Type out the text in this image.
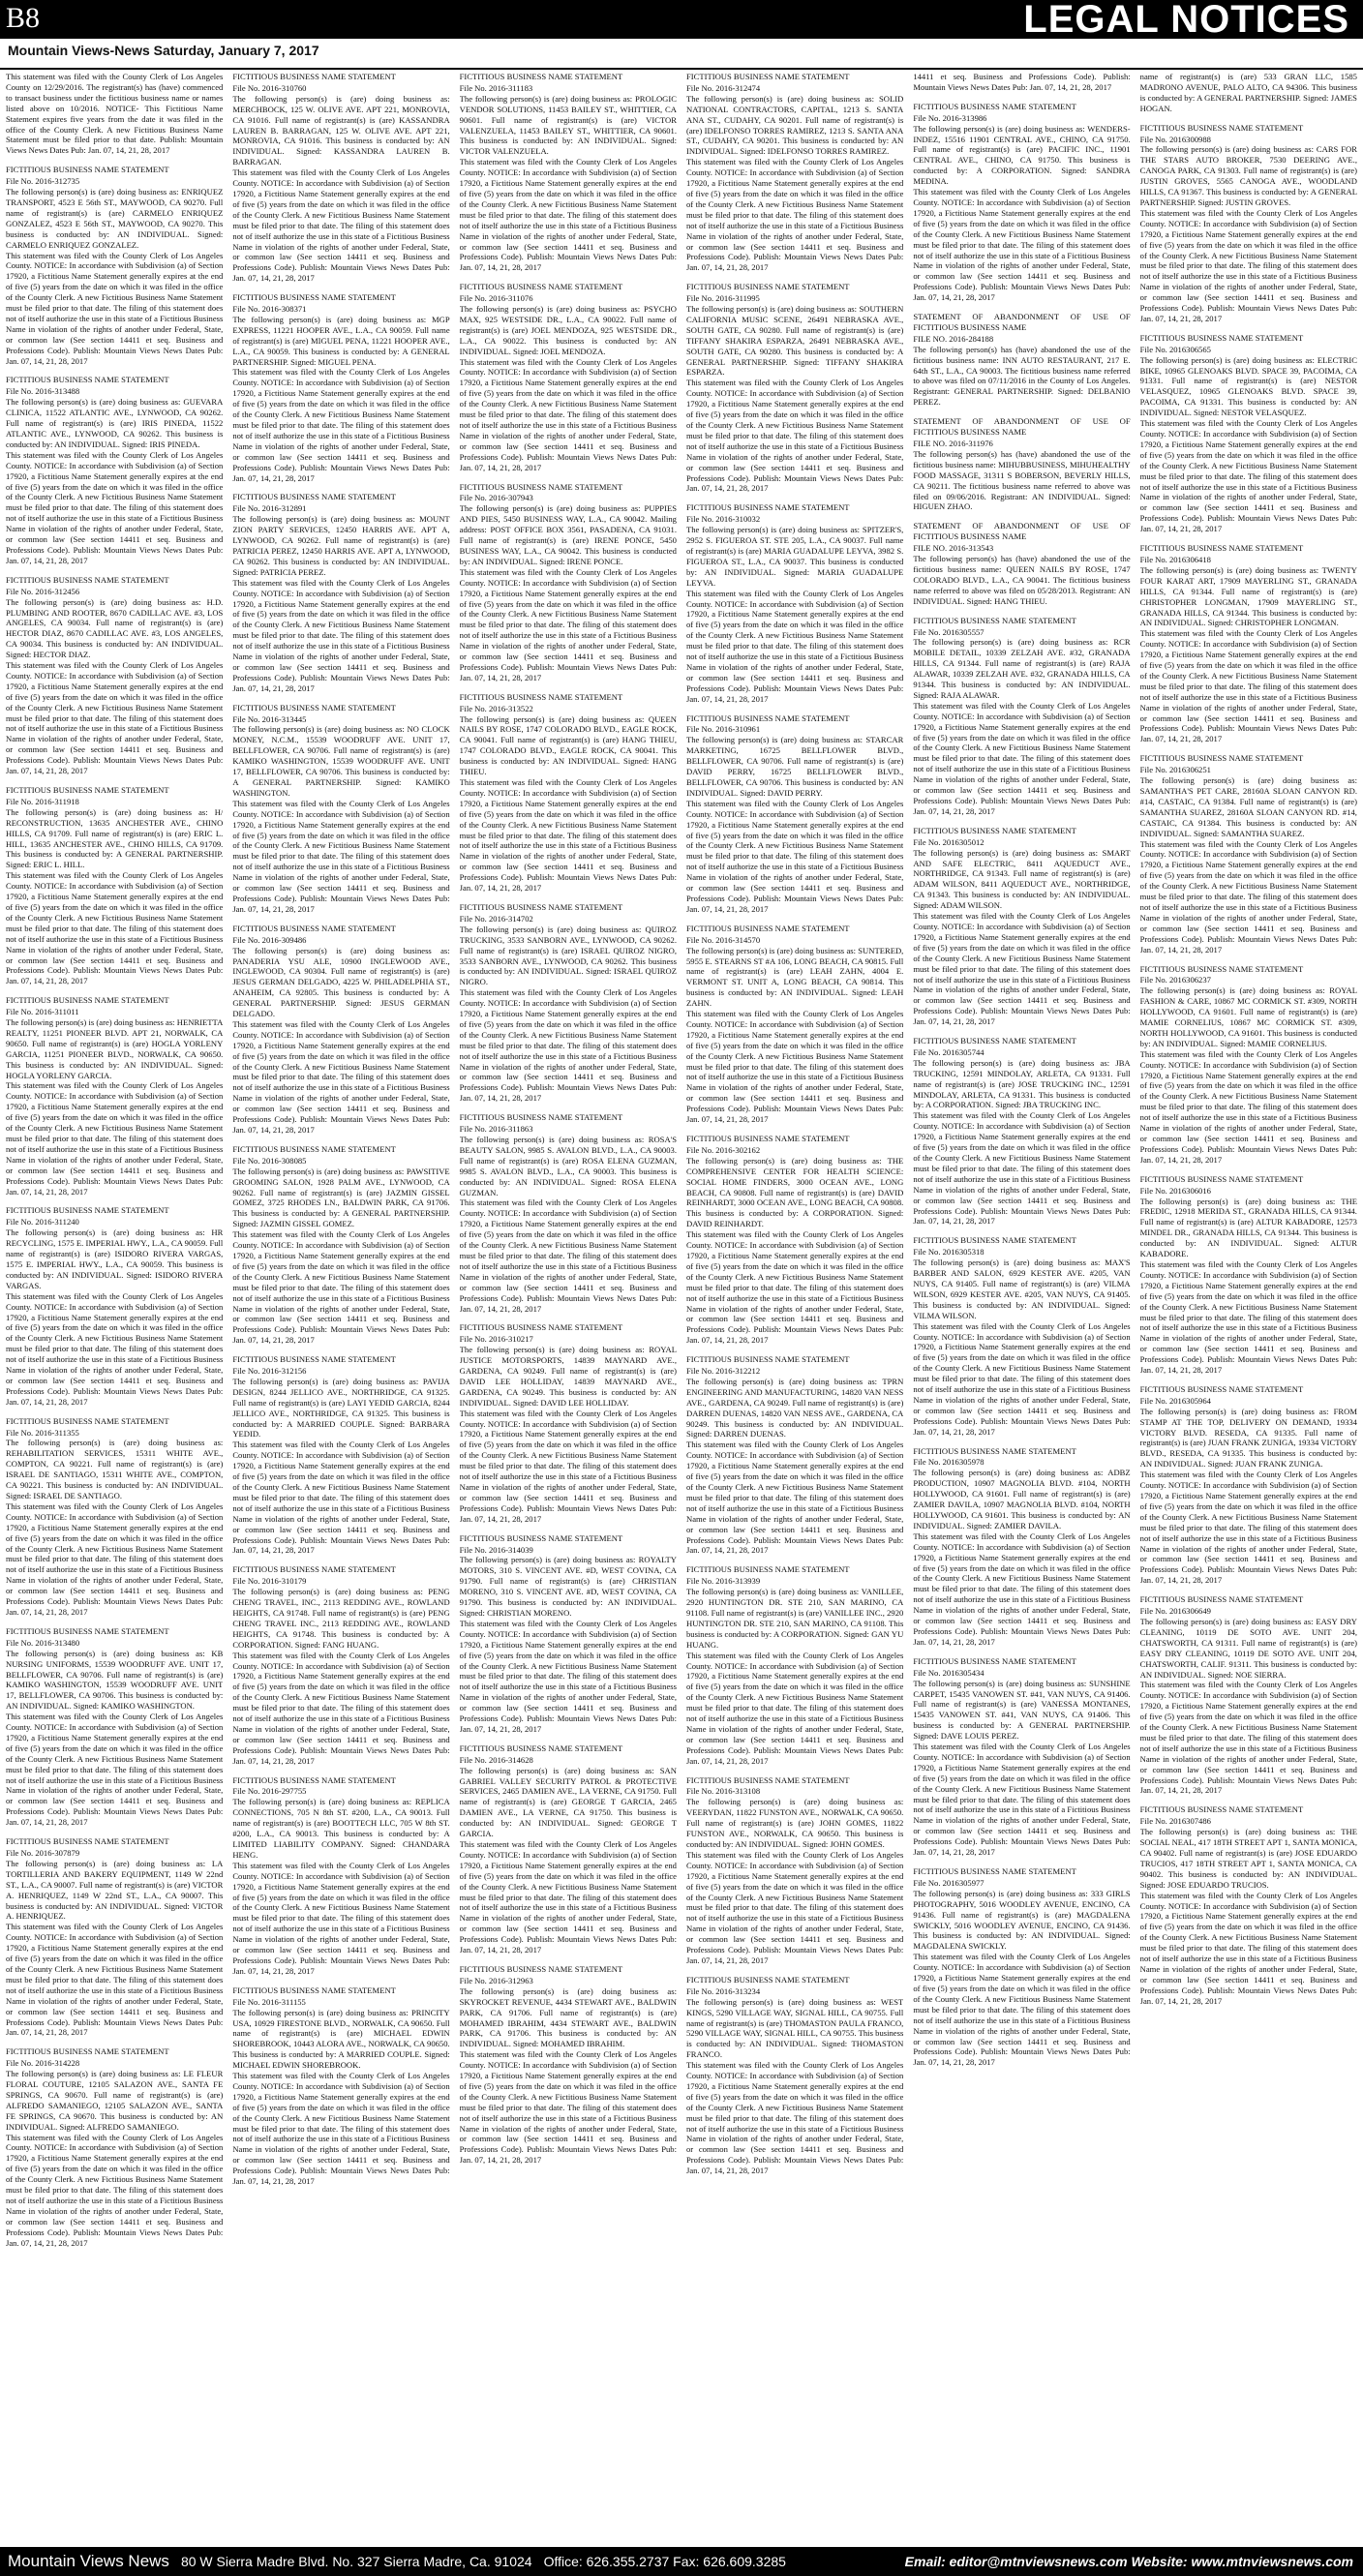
B8	LEGAL NOTICES
Mountain Views-News Saturday, January 7, 2017
This statement was filed with the County Clerk of Los Angeles County on 12/29/2016. The registrant(s) has (have) commenced to transact business under the fictitious business name or names listed above on 10/2016. NOTICE- This Fictitious Name Statement expires five years from the date it was filed in the office of the County Clerk. A new Fictitious Business Name Statement must be filed prior to that date. Publish: Mountain Views News Dates Pub: Jan. 07, 14, 21, 28, 2017
FICTITIOUS BUSINESS NAME STATEMENT
File No. 2016-312735
The following person(s) is (are) doing business as: ENRIQUEZ TRANSPORT, 4523 E 56th ST., MAYWOOD, CA 90270. Full name of registrant(s) is (are) CARMELO ENRIQUEZ GONZALEZ, 4523 E 56th ST., MAYWOOD, CA 90270. This business is conducted by: AN INDIVIDUAL. Signed: CARMELO ENRIQUEZ GONZALEZ.
This statement was filed with the County Clerk of Los Angeles County. NOTICE: In accordance with Subdivision (a) of Section 17920, a Fictitious Name Statement generally expires at the end of five (5) years from the date on which it was filed in the office of the County Clerk. A new Fictitious Business Name Statement must be filed prior to that date. The filing of this statement does not of itself authorize the use in this state of a Fictitious Business Name in violation of the rights of another under Federal, State, or common law (See section 14411 et seq. Business and Professions Code). Publish: Mountain Views News Dates Pub: Jan. 07, 14, 21, 28, 2017
FICTITIOUS BUSINESS NAME STATEMENT
File No. 2016-313488
The following person(s) is (are) doing business as: GUEVARA CLINICA, 11522 ATLANTIC AVE., LYNWOOD, CA 90262. Full name of registrant(s) is (are) IRIS PINEDA, 11522 ATLANTIC AVE., LYNWOOD, CA 90262. This business is conducted by: AN INDIVIDUAL. Signed: IRIS PINEDA.
This statement was filed with the County Clerk of Los Angeles County. NOTICE: In accordance with Subdivision (a) of Section 17920, a Fictitious Name Statement generally expires at the end of five (5) years from the date on which it was filed in the office of the County Clerk. A new Fictitious Business Name Statement must be filed prior to that date. The filing of this statement does not of itself authorize the use in this state of a Fictitious Business Name in violation of the rights of another under Federal, State, or common law (See section 14411 et seq. Business and Professions Code). Publish: Mountain Views News Dates Pub: Jan. 07, 14, 21, 28, 2017
FICTITIOUS BUSINESS NAME STATEMENT
File No. 2016-312456
The following person(s) is (are) doing business as: H.D. PLUMBING AND ROOTER, 8670 CADILLAC AVE. #3, LOS ANGELES, CA 90034. Full name of registrant(s) is (are) HECTOR DIAZ, 8670 CADILLAC AVE. #3, LOS ANGELES, CA 90034. This business is conducted by: AN INDIVIDUAL. Signed: HECTOR DIAZ.
This statement was filed with the County Clerk of Los Angeles County. NOTICE: In accordance with Subdivision (a) of Section 17920, a Fictitious Name Statement generally expires at the end of five (5) years from the date on which it was filed in the office of the County Clerk. A new Fictitious Business Name Statement must be filed prior to that date. The filing of this statement does not of itself authorize the use in this state of a Fictitious Business Name in violation of the rights of another under Federal, State, or common law (See section 14411 et seq. Business and Professions Code). Publish: Mountain Views News Dates Pub: Jan. 07, 14, 21, 28, 2017
FICTITIOUS BUSINESS NAME STATEMENT
File No. 2016-311918
The following person(s) is (are) doing business as: H/ RECONSTRUCTION, 13635 ANCHESTER AVE., CHINO HILLS, CA 91709. Full name of registrant(s) is (are) ERIC L. HILL, 13635 ANCHESTER AVE., CHINO HILLS, CA 91709. This business is conducted by: A GENERAL PARTNERSHIP. Signed: ERIC L. HILL.
This statement was filed with the County Clerk of Los Angeles County. NOTICE: In accordance with Subdivision (a) of Section 17920, a Fictitious Name Statement generally expires at the end of five (5) years from the date on which it was filed in the office of the County Clerk. A new Fictitious Business Name Statement must be filed prior to that date. The filing of this statement does not of itself authorize the use in this state of a Fictitious Business Name in violation of the rights of another under Federal, State, or common law (See section 14411 et seq. Business and Professions Code). Publish: Mountain Views News Dates Pub: Jan. 07, 14, 21, 28, 2017
FICTITIOUS BUSINESS NAME STATEMENT
File No. 2016-311011
The following person(s) is (are) doing business as: HENRIETTA REALTY, 11251 PIONEER BLVD. APT 21, NORWALK, CA 90650. Full name of registrant(s) is (are) HOGLA YORLENY GARCIA, 11251 PIONEER BLVD., NORWALK, CA 90650. This business is conducted by: AN INDIVIDUAL. Signed: HOGLA YORLENY GARCIA.
This statement was filed with the County Clerk of Los Angeles County. NOTICE: In accordance with Subdivision (a) of Section 17920, a Fictitious Name Statement generally expires at the end of five (5) years from the date on which it was filed in the office of the County Clerk. A new Fictitious Business Name Statement must be filed prior to that date. The filing of this statement does not of itself authorize the use in this state of a Fictitious Business Name in violation of the rights of another under Federal, State, or common law (See section 14411 et seq. Business and Professions Code). Publish: Mountain Views News Dates Pub: Jan. 07, 14, 21, 28, 2017
FICTITIOUS BUSINESS NAME STATEMENT
File No. 2016-311240
The following person(s) is (are) doing business as: HR RECYCLING, 1575 E. IMPERIAL HWY., L.A., CA 90059. Full name of registrant(s) is (are) ISIDORO RIVERA VARGAS, 1575 E. IMPERIAL HWY., L.A., CA 90059. This business is conducted by: AN INDIVIDUAL. Signed: ISIDORO RIVERA VARGAS.
This statement was filed with the County Clerk of Los Angeles County. NOTICE: In accordance with Subdivision (a) of Section 17920, a Fictitious Name Statement generally expires at the end of five (5) years from the date on which it was filed in the office of the County Clerk. A new Fictitious Business Name Statement must be filed prior to that date. The filing of this statement does not of itself authorize the use in this state of a Fictitious Business Name in violation of the rights of another under Federal, State, or common law (See section 14411 et seq. Business and Professions Code). Publish: Mountain Views News Dates Pub: Jan. 07, 14, 21, 28, 2017
FICTITIOUS BUSINESS NAME STATEMENT
File No. 2016-311355
The following person(s) is (are) doing business as: REHABILITATION SERVICES, 15311 WHITE AVE., COMPTON, CA 90221. Full name of registrant(s) is (are) ISRAEL DE SANTIAGO, 15311 WHITE AVE., COMPTON, CA 90221. This business is conducted by: AN INDIVIDUAL. Signed: ISRAEL DE SANTIAGO.
This statement was filed with the County Clerk of Los Angeles County. NOTICE: In accordance with Subdivision (a) of Section 17920, a Fictitious Name Statement generally expires at the end of five (5) years from the date on which it was filed in the office of the County Clerk. A new Fictitious Business Name Statement must be filed prior to that date. The filing of this statement does not of itself authorize the use in this state of a Fictitious Business Name in violation of the rights of another under Federal, State, or common law (See section 14411 et seq. Business and Professions Code). Publish: Mountain Views News Dates Pub: Jan. 07, 14, 21, 28, 2017
FICTITIOUS BUSINESS NAME STATEMENT
File No. 2016-313480
The following person(s) is (are) doing business as: KB NURSING UNIFORMS, 15539 WOODRUFF AVE. UNIT 17, BELLFLOWER, CA 90706. Full name of registrant(s) is (are) KAMIKO WASHINGTON, 15539 WOODRUFF AVE. UNIT 17, BELLFLOWER, CA 90706. This business is conducted by: AN INDIVIDUAL. Signed: KAMIKO WASHINGTON.
This statement was filed with the County Clerk of Los Angeles County. NOTICE: In accordance with Subdivision (a) of Section 17920, a Fictitious Name Statement generally expires at the end of five (5) years from the date on which it was filed in the office of the County Clerk. A new Fictitious Business Name Statement must be filed prior to that date. The filing of this statement does not of itself authorize the use in this state of a Fictitious Business Name in violation of the rights of another under Federal, State, or common law (See section 14411 et seq. Business and Professions Code). Publish: Mountain Views News Dates Pub: Jan. 07, 14, 21, 28, 2017
FICTITIOUS BUSINESS NAME STATEMENT
File No. 2016-307879
The following person(s) is (are) doing business as: LA TORTILLERIA AND BAKERY EQUIPMENT, 1149 W 22nd ST., L.A., CA 90007. Full name of registrant(s) is (are) VICTOR A. HENRIQUEZ, 1149 W 22nd ST., L.A., CA 90007. This business is conducted by: AN INDIVIDUAL. Signed: VICTOR A. HENRIQUEZ.
This statement was filed with the County Clerk of Los Angeles County. NOTICE: In accordance with Subdivision (a) of Section 17920, a Fictitious Name Statement generally expires at the end of five (5) years from the date on which it was filed in the office of the County Clerk. A new Fictitious Business Name Statement must be filed prior to that date. The filing of this statement does not of itself authorize the use in this state of a Fictitious Business Name in violation of the rights of another under Federal, State, or common law (See section 14411 et seq. Business and Professions Code). Publish: Mountain Views News Dates Pub: Jan. 07, 14, 21, 28, 2017
FICTITIOUS BUSINESS NAME STATEMENT
File No. 2016-314228
The following person(s) is (are) doing business as: LE FLEUR FLORAL COUTURE, 12105 SALAZON AVE., SANTA FE SPRINGS, CA 90670. Full name of registrant(s) is (are) ALFREDO SAMANIEGO, 12105 SALAZON AVE., SANTA FE SPRINGS, CA 90670. This business is conducted by: AN INDIVIDUAL. Signed: ALFREDO SAMANIEGO.
This statement was filed with the County Clerk of Los Angeles County. NOTICE: In accordance with Subdivision (a) of Section 17920, a Fictitious Name Statement generally expires at the end of five (5) years from the date on which it was filed in the office of the County Clerk. A new Fictitious Business Name Statement must be filed prior to that date. The filing of this statement does not of itself authorize the use in this state of a Fictitious Business Name in violation of the rights of another under Federal, State, or common law (See section 14411 et seq. Business and Professions Code). Publish: Mountain Views News Dates Pub: Jan. 07, 14, 21, 28, 2017
FICTITIOUS BUSINESS NAME STATEMENT
File No. 2016-310760
The following person(s) is (are) doing business as: MERCHBOCK, 125 W. OLIVE AVE. APT 221, MONROVIA, CA 91016. Full name of registrant(s) is (are) KASSANDRA LAUREN B. BARRAGAN, 125 W. OLIVE AVE. APT 221, MONROVIA, CA 91016. This business is conducted by: AN INDIVIDUAL. Signed: KASSANDRA LAUREN B. BARRAGAN.
This statement was filed with the County Clerk of Los Angeles County. NOTICE: In accordance with Subdivision (a) of Section 17920, a Fictitious Name Statement generally expires at the end of five (5) years from the date on which it was filed in the office of the County Clerk. A new Fictitious Business Name Statement must be filed prior to that date. The filing of this statement does not of itself authorize the use in this state of a Fictitious Business Name in violation of the rights of another under Federal, State, or common law (See section 14411 et seq. Business and Professions Code). Publish: Mountain Views News Dates Pub: Jan. 07, 14, 21, 28, 2017
FICTITIOUS BUSINESS NAME STATEMENT
File No. 2016-308371
The following person(s) is (are) doing business as: MGP EXPRESS, 11221 HOOPER AVE., L.A., CA 90059. Full name of registrant(s) is (are) MIGUEL PENA, 11221 HOOPER AVE., L.A., CA 90059. This business is conducted by: A GENERAL PARTNERSHIP. Signed: MIGUEL PENA.
This statement was filed with the County Clerk of Los Angeles County. NOTICE: In accordance with Subdivision (a) of Section 17920, a Fictitious Name Statement generally expires at the end of five (5) years from the date on which it was filed in the office of the County Clerk. A new Fictitious Business Name Statement must be filed prior to that date. The filing of this statement does not of itself authorize the use in this state of a Fictitious Business Name in violation of the rights of another under Federal, State, or common law (See section 14411 et seq. Business and Professions Code). Publish: Mountain Views News Dates Pub: Jan. 07, 14, 21, 28, 2017
FICTITIOUS BUSINESS NAME STATEMENT
File No. 2016-312891
The following person(s) is (are) doing business as: MOUNT ZION PARTY SERVICES, 12450 HARRIS AVE. APT A, LYNWOOD, CA 90262. Full name of registrant(s) is (are) PATRICIA PEREZ, 12450 HARRIS AVE. APT A, LYNWOOD, CA 90262. This business is conducted by: AN INDIVIDUAL. Signed: PATRICIA PEREZ.
This statement was filed with the County Clerk of Los Angeles County. NOTICE: In accordance with Subdivision (a) of Section 17920, a Fictitious Name Statement generally expires at the end of five (5) years from the date on which it was filed in the office of the County Clerk. A new Fictitious Business Name Statement must be filed prior to that date. The filing of this statement does not of itself authorize the use in this state of a Fictitious Business Name in violation of the rights of another under Federal, State, or common law (See section 14411 et seq. Business and Professions Code). Publish: Mountain Views News Dates Pub: Jan. 07, 14, 21, 28, 2017
FICTITIOUS BUSINESS NAME STATEMENT
File No. 2016-313445
The following person(s) is (are) doing business as: NO CLOCK MONEY, N.C.M., 15539 WOODRUFF AVE. UNIT 17, BELLFLOWER, CA 90706. Full name of registrant(s) is (are) KAMIKO WASHINGTON, 15539 WOODRUFF AVE. UNIT 17, BELLFLOWER, CA 90706. This business is conducted by: A GENERAL PARTNERSHIP. Signed: KAMIKO WASHINGTON.
This statement was filed with the County Clerk of Los Angeles County. NOTICE: In accordance with Subdivision (a) of Section 17920, a Fictitious Name Statement generally expires at the end of five (5) years from the date on which it was filed in the office of the County Clerk. A new Fictitious Business Name Statement must be filed prior to that date. The filing of this statement does not of itself authorize the use in this state of a Fictitious Business Name in violation of the rights of another under Federal, State, or common law (See section 14411 et seq. Business and Professions Code). Publish: Mountain Views News Dates Pub: Jan. 07, 14, 21, 28, 2017
FICTITIOUS BUSINESS NAME STATEMENT
File No. 2016-309486
The following person(s) is (are) doing business as: PANADERIA YSU ALE, 10900 INGLEWOOD AVE., INGLEWOOD, CA 90304. Full name of registrant(s) is (are) JESUS GERMAN DELGADO, 4225 W. PHILADELPHIA ST., ANAHEIM, CA 92805. This business is conducted by: A GENERAL PARTNERSHIP. Signed: JESUS GERMAN DELGADO.
This statement was filed with the County Clerk of Los Angeles County. NOTICE: In accordance with Subdivision (a) of Section 17920, a Fictitious Name Statement generally expires at the end of five (5) years from the date on which it was filed in the office of the County Clerk. A new Fictitious Business Name Statement must be filed prior to that date. The filing of this statement does not of itself authorize the use in this state of a Fictitious Business Name in violation of the rights of another under Federal, State, or common law (See section 14411 et seq. Business and Professions Code). Publish: Mountain Views News Dates Pub: Jan. 07, 14, 21, 28, 2017
FICTITIOUS BUSINESS NAME STATEMENT
File No. 2016-308085
The following person(s) is (are) doing business as: PAWSITIVE GROOMING SALON, 1928 PALM AVE., LYNWOOD, CA 90262. Full name of registrant(s) is (are) JAZMIN GISSEL GOMEZ, 3725 RHODES LN., BALDWIN PARK, CA 91706. This business is conducted by: A GENERAL PARTNERSHIP. Signed: JAZMIN GISSEL GOMEZ.
This statement was filed with the County Clerk of Los Angeles County. NOTICE: In accordance with Subdivision (a) of Section 17920, a Fictitious Name Statement generally expires at the end of five (5) years from the date on which it was filed in the office of the County Clerk. A new Fictitious Business Name Statement must be filed prior to that date. The filing of this statement does not of itself authorize the use in this state of a Fictitious Business Name in violation of the rights of another under Federal, State, or common law (See section 14411 et seq. Business and Professions Code). Publish: Mountain Views News Dates Pub: Jan. 07, 14, 21, 28, 2017
FICTITIOUS BUSINESS NAME STATEMENT
File No. 2016-312156
The following person(s) is (are) doing business as: PAVIJA DESIGN, 8244 JELLICO AVE., NORTHRIDGE, CA 91325. Full name of registrant(s) is (are) LAYI YEDID GARCIA, 8244 JELLICO AVE., NORTHRIDGE, CA 91325. This business is conducted by: A MARRIED COUPLE. Signed: BARBARA YEDID.
This statement was filed with the County Clerk of Los Angeles County. NOTICE: In accordance with Subdivision (a) of Section 17920, a Fictitious Name Statement generally expires at the end of five (5) years from the date on which it was filed in the office of the County Clerk. A new Fictitious Business Name Statement must be filed prior to that date. The filing of this statement does not of itself authorize the use in this state of a Fictitious Business Name in violation of the rights of another under Federal, State, or common law (See section 14411 et seq. Business and Professions Code). Publish: Mountain Views News Dates Pub: Jan. 07, 14, 21, 28, 2017
FICTITIOUS BUSINESS NAME STATEMENT
File No. 2016-310179
The following person(s) is (are) doing business as: PENG CHENG TRAVEL, INC., 2113 REDDING AVE., ROWLAND HEIGHTS, CA 91748. Full name of registrant(s) is (are) PENG CHENG TRAVEL INC., 2113 REDDING AVE., ROWLAND HEIGHTS, CA 91748. This business is conducted by: A CORPORATION. Signed: FANG HUANG.
This statement was filed with the County Clerk of Los Angeles County. NOTICE: In accordance with Subdivision (a) of Section 17920, a Fictitious Name Statement generally expires at the end of five (5) years from the date on which it was filed in the office of the County Clerk. A new Fictitious Business Name Statement must be filed prior to that date. The filing of this statement does not of itself authorize the use in this state of a Fictitious Business Name in violation of the rights of another under Federal, State, or common law (See section 14411 et seq. Business and Professions Code). Publish: Mountain Views News Dates Pub: Jan. 07, 14, 21, 28, 2017
FICTITIOUS BUSINESS NAME STATEMENT
File No. 2016-297755
The following person(s) is (are) doing business as: REPLICA CONNECTIONS, 705 N 8th ST. #200, L.A., CA 90013. Full name of registrant(s) is (are) BOOTTECH LLC, 705 W 8th ST. #200, L.A., CA 90013. This business is conducted by: A LIMITED LIABILITY COMPANY. Signed: CHANDARA HENG.
This statement was filed with the County Clerk of Los Angeles County. NOTICE: In accordance with Subdivision (a) of Section 17920, a Fictitious Name Statement generally expires at the end of five (5) years from the date on which it was filed in the office of the County Clerk. A new Fictitious Business Name Statement must be filed prior to that date. The filing of this statement does not of itself authorize the use in this state of a Fictitious Business Name in violation of the rights of another under Federal, State, or common law (See section 14411 et seq. Business and Professions Code). Publish: Mountain Views News Dates Pub: Jan. 07, 14, 21, 28, 2017
FICTITIOUS BUSINESS NAME STATEMENT
File No. 2016-311155
The following person(s) is (are) doing business as: PRINCITY USA, 10929 FIRESTONE BLVD., NORWALK, CA 90650. Full name of registrant(s) is (are) MICHAEL EDWIN SHOREBROOK, 10443 ALORA AVE., NORWALK, CA 90650. This business is conducted by: A MARRIED COUPLE. Signed: MICHAEL EDWIN SHOREBROOK.
This statement was filed with the County Clerk of Los Angeles County. NOTICE: In accordance with Subdivision (a) of Section 17920, a Fictitious Name Statement generally expires at the end of five (5) years from the date on which it was filed in the office of the County Clerk. A new Fictitious Business Name Statement must be filed prior to that date. The filing of this statement does not of itself authorize the use in this state of a Fictitious Business Name in violation of the rights of another under Federal, State, or common law (See section 14411 et seq. Business and Professions Code). Publish: Mountain Views News Dates Pub: Jan. 07, 14, 21, 28, 2017
FICTITIOUS BUSINESS NAME STATEMENT
File No. 2016-311183
The following person(s) is (are) doing business as: PROLOGIC VENDOR SOLUTIONS, 11453 BAILEY ST., WHITTIER, CA 90601. Full name of registrant(s) is (are) VICTOR VALENZUELA, 11453 BAILEY ST., WHITTIER, CA 90601. This business is conducted by: AN INDIVIDUAL. Signed: VICTOR VALENZUELA.
This statement was filed with the County Clerk of Los Angeles County. NOTICE: In accordance with Subdivision (a) of Section 17920, a Fictitious Name Statement generally expires at the end of five (5) years from the date on which it was filed in the office of the County Clerk. A new Fictitious Business Name Statement must be filed prior to that date. The filing of this statement does not of itself authorize the use in this state of a Fictitious Business Name in violation of the rights of another under Federal, State, or common law (See section 14411 et seq. Business and Professions Code). Publish: Mountain Views News Dates Pub: Jan. 07, 14, 21, 28, 2017
FICTITIOUS BUSINESS NAME STATEMENT
File No. 2016-311076
The following person(s) is (are) doing business as: PSYCHO MAX, 925 WESTSIDE DR., L.A., CA 90022. Full name of registrant(s) is (are) JOEL MENDOZA, 925 WESTSIDE DR., L.A., CA 90022. This business is conducted by: AN INDIVIDUAL. Signed: JOEL MENDOZA.
This statement was filed with the County Clerk of Los Angeles County. NOTICE: In accordance with Subdivision (a) of Section 17920, a Fictitious Name Statement generally expires at the end of five (5) years from the date on which it was filed in the office of the County Clerk. A new Fictitious Business Name Statement must be filed prior to that date. The filing of this statement does not of itself authorize the use in this state of a Fictitious Business Name in violation of the rights of another under Federal, State, or common law (See section 14411 et seq. Business and Professions Code). Publish: Mountain Views News Dates Pub: Jan. 07, 14, 21, 28, 2017
FICTITIOUS BUSINESS NAME STATEMENT
File No. 2016-307943
The following person(s) is (are) doing business as: PUPPIES AND PIES, 5450 BUSINESS WAY, L.A., CA 90042. Mailing address: POST OFFICE BOX 3561, PASADENA, CA 91031. Full name of registrant(s) is (are) IRENE PONCE, 5450 BUSINESS WAY, L.A., CA 90042. This business is conducted by: AN INDIVIDUAL. Signed: IRENE PONCE.
This statement was filed with the County Clerk of Los Angeles County. NOTICE: In accordance with Subdivision (a) of Section 17920, a Fictitious Name Statement generally expires at the end of five (5) years from the date on which it was filed in the office of the County Clerk. A new Fictitious Business Name Statement must be filed prior to that date. The filing of this statement does not of itself authorize the use in this state of a Fictitious Business Name in violation of the rights of another under Federal, State, or common law (See section 14411 et seq. Business and Professions Code). Publish: Mountain Views News Dates Pub: Jan. 07, 14, 21, 28, 2017
FICTITIOUS BUSINESS NAME STATEMENT
File No. 2016-313522
The following person(s) is (are) doing business as: QUEEN NAILS BY ROSE, 1747 COLORADO BLVD., EAGLE ROCK, CA 90041. Full name of registrant(s) is (are) HANG THIEU, 1747 COLORADO BLVD., EAGLE ROCK, CA 90041. This business is conducted by: AN INDIVIDUAL. Signed: HANG THIEU.
This statement was filed with the County Clerk of Los Angeles County. NOTICE: In accordance with Subdivision (a) of Section 17920, a Fictitious Name Statement generally expires at the end of five (5) years from the date on which it was filed in the office of the County Clerk. A new Fictitious Business Name Statement must be filed prior to that date. The filing of this statement does not of itself authorize the use in this state of a Fictitious Business Name in violation of the rights of another under Federal, State, or common law (See section 14411 et seq. Business and Professions Code). Publish: Mountain Views News Dates Pub: Jan. 07, 14, 21, 28, 2017
FICTITIOUS BUSINESS NAME STATEMENT
File No. 2016-314702
The following person(s) is (are) doing business as: QUIROZ TRUCKING, 3533 SANBORN AVE., LYNWOOD, CA 90262. Full name of registrant(s) is (are) ISRAEL QUIROZ NIGRO, 3533 SANBORN AVE., LYNWOOD, CA 90262. This business is conducted by: AN INDIVIDUAL. Signed: ISRAEL QUIROZ NIGRO.
This statement was filed with the County Clerk of Los Angeles County. NOTICE: In accordance with Subdivision (a) of Section 17920, a Fictitious Name Statement generally expires at the end of five (5) years from the date on which it was filed in the office of the County Clerk. A new Fictitious Business Name Statement must be filed prior to that date. The filing of this statement does not of itself authorize the use in this state of a Fictitious Business Name in violation of the rights of another under Federal, State, or common law (See section 14411 et seq. Business and Professions Code). Publish: Mountain Views News Dates Pub: Jan. 07, 14, 21, 28, 2017
FICTITIOUS BUSINESS NAME STATEMENT
File No. 2016-311863
The following person(s) is (are) doing business as: ROSA'S BEAUTY SALON, 9985 S. AVALON BLVD., L.A., CA 90003. Full name of registrant(s) is (are) ROSA ELENA GUZMAN, 9985 S. AVALON BLVD., L.A., CA 90003. This business is conducted by: AN INDIVIDUAL. Signed: ROSA ELENA GUZMAN.
This statement was filed with the County Clerk of Los Angeles County. NOTICE: In accordance with Subdivision (a) of Section 17920, a Fictitious Name Statement generally expires at the end of five (5) years from the date on which it was filed in the office of the County Clerk. A new Fictitious Business Name Statement must be filed prior to that date. The filing of this statement does not of itself authorize the use in this state of a Fictitious Business Name in violation of the rights of another under Federal, State, or common law (See section 14411 et seq. Business and Professions Code). Publish: Mountain Views News Dates Pub: Jan. 07, 14, 21, 28, 2017
FICTITIOUS BUSINESS NAME STATEMENT
File No. 2016-310217
The following person(s) is (are) doing business as: ROYAL JUSTICE MOTORSPORTS, 14839 MAYNARD AVE., GARDENA, CA 90249. Full name of registrant(s) is (are) DAVID LEE HOLLIDAY, 14839 MAYNARD AVE., GARDENA, CA 90249. This business is conducted by: AN INDIVIDUAL. Signed: DAVID LEE HOLLIDAY.
This statement was filed with the County Clerk of Los Angeles County. NOTICE: In accordance with Subdivision (a) of Section 17920, a Fictitious Name Statement generally expires at the end of five (5) years from the date on which it was filed in the office of the County Clerk. A new Fictitious Business Name Statement must be filed prior to that date. The filing of this statement does not of itself authorize the use in this state of a Fictitious Business Name in violation of the rights of another under Federal, State, or common law (See section 14411 et seq. Business and Professions Code). Publish: Mountain Views News Dates Pub: Jan. 07, 14, 21, 28, 2017
FICTITIOUS BUSINESS NAME STATEMENT
File No. 2016-314039
The following person(s) is (are) doing business as: ROYALTY MOTORS, 310 S. VINCENT AVE. #D, WEST COVINA, CA 91790. Full name of registrant(s) is (are) CHRISTIAN MORENO, 310 S. VINCENT AVE. #D, WEST COVINA, CA 91790. This business is conducted by: AN INDIVIDUAL. Signed: CHRISTIAN MORENO.
This statement was filed with the County Clerk of Los Angeles County. NOTICE: In accordance with Subdivision (a) of Section 17920, a Fictitious Name Statement generally expires at the end of five (5) years from the date on which it was filed in the office of the County Clerk. A new Fictitious Business Name Statement must be filed prior to that date. The filing of this statement does not of itself authorize the use in this state of a Fictitious Business Name in violation of the rights of another under Federal, State, or common law (See section 14411 et seq. Business and Professions Code). Publish: Mountain Views News Dates Pub: Jan. 07, 14, 21, 28, 2017
FICTITIOUS BUSINESS NAME STATEMENT
File No. 2016-314628
The following person(s) is (are) doing business as: SAN GABRIEL VALLEY SECURITY PATROL & PROTECTIVE SERVICES, 2465 DAMIEN AVE., LA VERNE, CA 91750. Full name of registrant(s) is (are) GEORGE T GARCIA, 2465 DAMIEN AVE., LA VERNE, CA 91750. This business is conducted by: AN INDIVIDUAL. Signed: GEORGE T GARCIA.
This statement was filed with the County Clerk of Los Angeles County. NOTICE: In accordance with Subdivision (a) of Section 17920, a Fictitious Name Statement generally expires at the end of five (5) years from the date on which it was filed in the office of the County Clerk. A new Fictitious Business Name Statement must be filed prior to that date. The filing of this statement does not of itself authorize the use in this state of a Fictitious Business Name in violation of the rights of another under Federal, State, or common law (See section 14411 et seq. Business and Professions Code). Publish: Mountain Views News Dates Pub: Jan. 07, 14, 21, 28, 2017
FICTITIOUS BUSINESS NAME STATEMENT
File No. 2016-312963
The following person(s) is (are) doing business as: SKYROCKET REVENUE, 4434 STEWART AVE., BALDWIN PARK, CA 91706. Full name of registrant(s) is (are) MOHAMED IBRAHIM, 4434 STEWART AVE., BALDWIN PARK, CA 91706. This business is conducted by: AN INDIVIDUAL. Signed: MOHAMED IBRAHIM.
This statement was filed with the County Clerk of Los Angeles County. NOTICE: In accordance with Subdivision (a) of Section 17920, a Fictitious Name Statement generally expires at the end of five (5) years from the date on which it was filed in the office of the County Clerk. A new Fictitious Business Name Statement must be filed prior to that date. The filing of this statement does not of itself authorize the use in this state of a Fictitious Business Name in violation of the rights of another under Federal, State, or common law (See section 14411 et seq. Business and Professions Code). Publish: Mountain Views News Dates Pub: Jan. 07, 14, 21, 28, 2017
FICTITIOUS BUSINESS NAME STATEMENT
File No. 2016-312474
The following person(s) is (are) doing business as: SOLID NATIONAL CONTRACTORS, CAPITAL, 1213 S. SANTA ANA ST., CUDAHY, CA 90201. Full name of registrant(s) is (are) IDELFONSO TORRES RAMIREZ, 1213 S. SANTA ANA ST., CUDAHY, CA 90201. This business is conducted by: AN INDIVIDUAL. Signed: IDELFONSO TORRES RAMIREZ.
This statement was filed with the County Clerk of Los Angeles County. NOTICE: In accordance with Subdivision (a) of Section 17920, a Fictitious Name Statement generally expires at the end of five (5) years from the date on which it was filed in the office of the County Clerk. A new Fictitious Business Name Statement must be filed prior to that date. The filing of this statement does not of itself authorize the use in this state of a Fictitious Business Name in violation of the rights of another under Federal, State, or common law (See section 14411 et seq. Business and Professions Code). Publish: Mountain Views News Dates Pub: Jan. 07, 14, 21, 28, 2017
FICTITIOUS BUSINESS NAME STATEMENT
File No. 2016-311995
The following person(s) is (are) doing business as: SOUTHERN CALIFORNIA MUSIC SCENE, 26491 NEBRASKA AVE., SOUTH GATE, CA 90280. Full name of registrant(s) is (are) TIFFANY SHAKIRA ESPARZA, 26491 NEBRASKA AVE., SOUTH GATE, CA 90280. This business is conducted by: A GENERAL PARTNERSHIP. Signed: TIFFANY SHAKIRA ESPARZA.
This statement was filed with the County Clerk of Los Angeles County. NOTICE: In accordance with Subdivision (a) of Section 17920, a Fictitious Name Statement generally expires at the end of five (5) years from the date on which it was filed in the office of the County Clerk. A new Fictitious Business Name Statement must be filed prior to that date. The filing of this statement does not of itself authorize the use in this state of a Fictitious Business Name in violation of the rights of another under Federal, State, or common law (See section 14411 et seq. Business and Professions Code). Publish: Mountain Views News Dates Pub: Jan. 07, 14, 21, 28, 2017
FICTITIOUS BUSINESS NAME STATEMENT
File No. 2016-310032
The following person(s) is (are) doing business as: SPITZER'S, 2952 S. FIGUEROA ST. STE 205, L.A., CA 90037. Full name of registrant(s) is (are) MARIA GUADALUPE LEYVA, 3982 S. FIGUEROA ST., L.A., CA 90037. This business is conducted by: AN INDIVIDUAL. Signed: MARIA GUADALUPE LEYVA.
This statement was filed with the County Clerk of Los Angeles County. NOTICE: In accordance with Subdivision (a) of Section 17920, a Fictitious Name Statement generally expires at the end of five (5) years from the date on which it was filed in the office of the County Clerk. A new Fictitious Business Name Statement must be filed prior to that date. The filing of this statement does not of itself authorize the use in this state of a Fictitious Business Name in violation of the rights of another under Federal, State, or common law (See section 14411 et seq. Business and Professions Code). Publish: Mountain Views News Dates Pub: Jan. 07, 14, 21, 28, 2017
FICTITIOUS BUSINESS NAME STATEMENT
File No. 2016-310961
The following person(s) is (are) doing business as: STARCAR MARKETING, 16725 BELLFLOWER BLVD., BELLFLOWER, CA 90706. Full name of registrant(s) is (are) DAVID PERRY, 16725 BELLFLOWER BLVD., BELLFLOWER, CA 90706. This business is conducted by: AN INDIVIDUAL. Signed: DAVID PERRY.
This statement was filed with the County Clerk of Los Angeles County. NOTICE: In accordance with Subdivision (a) of Section 17920, a Fictitious Name Statement generally expires at the end of five (5) years from the date on which it was filed in the office of the County Clerk. A new Fictitious Business Name Statement must be filed prior to that date. The filing of this statement does not of itself authorize the use in this state of a Fictitious Business Name in violation of the rights of another under Federal, State, or common law (See section 14411 et seq. Business and Professions Code). Publish: Mountain Views News Dates Pub: Jan. 07, 14, 21, 28, 2017
FICTITIOUS BUSINESS NAME STATEMENT
File No. 2016-314570
The following person(s) is (are) doing business as: SUNTERED, 5955 E. STEARNS ST #A 106, LONG BEACH, CA 90815. Full name of registrant(s) is (are) LEAH ZAHN, 4004 E. VERMONT ST. UNIT A, LONG BEACH, CA 90814. This business is conducted by: AN INDIVIDUAL. Signed: LEAH ZAHN.
This statement was filed with the County Clerk of Los Angeles County. NOTICE: In accordance with Subdivision (a) of Section 17920, a Fictitious Name Statement generally expires at the end of five (5) years from the date on which it was filed in the office of the County Clerk. A new Fictitious Business Name Statement must be filed prior to that date. The filing of this statement does not of itself authorize the use in this state of a Fictitious Business Name in violation of the rights of another under Federal, State, or common law (See section 14411 et seq. Business and Professions Code). Publish: Mountain Views News Dates Pub: Jan. 07, 14, 21, 28, 2017
FICTITIOUS BUSINESS NAME STATEMENT
File No. 2016-302162
The following person(s) is (are) doing business as: THE COMPREHENSIVE CENTER FOR HEALTH SCIENCE: SOCIAL HOME FINDERS, 3000 OCEAN AVE., LONG BEACH, CA 90808. Full name of registrant(s) is (are) DAVID REINHARDT, 3000 OCEAN AVE., LONG BEACH, CA 90808. This business is conducted by: A CORPORATION. Signed: DAVID REINHARDT.
This statement was filed with the County Clerk of Los Angeles County. NOTICE: In accordance with Subdivision (a) of Section 17920, a Fictitious Name Statement generally expires at the end of five (5) years from the date on which it was filed in the office of the County Clerk. A new Fictitious Business Name Statement must be filed prior to that date. The filing of this statement does not of itself authorize the use in this state of a Fictitious Business Name in violation of the rights of another under Federal, State, or common law (See section 14411 et seq. Business and Professions Code). Publish: Mountain Views News Dates Pub: Jan. 07, 14, 21, 28, 2017
FICTITIOUS BUSINESS NAME STATEMENT
File No. 2016-312212
The following person(s) is (are) doing business as: TPRN ENGINEERING AND MANUFACTURING, 14820 VAN NESS AVE., GARDENA, CA 90249. Full name of registrant(s) is (are) DARREN DUENAS, 14820 VAN NESS AVE., GARDENA, CA 90249. This business is conducted by: AN INDIVIDUAL. Signed: DARREN DUENAS.
This statement was filed with the County Clerk of Los Angeles County. NOTICE: In accordance with Subdivision (a) of Section 17920, a Fictitious Name Statement generally expires at the end of five (5) years from the date on which it was filed in the office of the County Clerk. A new Fictitious Business Name Statement must be filed prior to that date. The filing of this statement does not of itself authorize the use in this state of a Fictitious Business Name in violation of the rights of another under Federal, State, or common law (See section 14411 et seq. Business and Professions Code). Publish: Mountain Views News Dates Pub: Jan. 07, 14, 21, 28, 2017
FICTITIOUS BUSINESS NAME STATEMENT
File No. 2016-313939
The following person(s) is (are) doing business as: VANILLEE, 2920 HUNTINGTON DR. STE 210, SAN MARINO, CA 91108. Full name of registrant(s) is (are) VANILLEE INC., 2920 HUNTINGTON DR. STE 210, SAN MARINO, CA 91108. This business is conducted by: A CORPORATION. Signed: GAN YU HUANG.
This statement was filed with the County Clerk of Los Angeles County. NOTICE: In accordance with Subdivision (a) of Section 17920, a Fictitious Name Statement generally expires at the end of five (5) years from the date on which it was filed in the office of the County Clerk. A new Fictitious Business Name Statement must be filed prior to that date. The filing of this statement does not of itself authorize the use in this state of a Fictitious Business Name in violation of the rights of another under Federal, State, or common law (See section 14411 et seq. Business and Professions Code). Publish: Mountain Views News Dates Pub: Jan. 07, 14, 21, 28, 2017
FICTITIOUS BUSINESS NAME STATEMENT
File No. 2016-313108
The following person(s) is (are) doing business as: VEERYDAN, 11822 FUNSTON AVE., NORWALK, CA 90650. Full name of registrant(s) is (are) JOHN GOMES, 11822 FUNSTON AVE., NORWALK, CA 90650. This business is conducted by: AN INDIVIDUAL. Signed: JOHN GOMES.
This statement was filed with the County Clerk of Los Angeles County. NOTICE: In accordance with Subdivision (a) of Section 17920, a Fictitious Name Statement generally expires at the end of five (5) years from the date on which it was filed in the office of the County Clerk. A new Fictitious Business Name Statement must be filed prior to that date. The filing of this statement does not of itself authorize the use in this state of a Fictitious Business Name in violation of the rights of another under Federal, State, or common law (See section 14411 et seq. Business and Professions Code). Publish: Mountain Views News Dates Pub: Jan. 07, 14, 21, 28, 2017
FICTITIOUS BUSINESS NAME STATEMENT
File No. 2016-313234
The following person(s) is (are) doing business as: WEST KINGS, 5290 VILLAGE WAY, SIGNAL HILL, CA 90755. Full name of registrant(s) is (are) THOMASTON PAULA FRANCO, 5290 VILLAGE WAY, SIGNAL HILL, CA 90755. This business is conducted by: AN INDIVIDUAL. Signed: THOMASTON FRANCO.
This statement was filed with the County Clerk of Los Angeles County. NOTICE: In accordance with Subdivision (a) of Section 17920, a Fictitious Name Statement generally expires at the end of five (5) years from the date on which it was filed in the office of the County Clerk. A new Fictitious Business Name Statement must be filed prior to that date. The filing of this statement does not of itself authorize the use in this state of a Fictitious Business Name in violation of the rights of another under Federal, State, or common law (See section 14411 et seq. Business and Professions Code). Publish: Mountain Views News Dates Pub: Jan. 07, 14, 21, 28, 2017
14411 et seq. Business and Professions Code). Publish: Mountain Views News Dates Pub: Jan. 07, 14, 21, 28, 2017
FICTITIOUS BUSINESS NAME STATEMENT
File No. 2016-313986
The following person(s) is (are) doing business as: WENDERS-INDEZ, 15516 11901 CENTRAL AVE., CHINO, CA 91750. Full name of registrant(s) is (are) PACIFIC INC., 11901 CENTRAL AVE., CHINO, CA 91750. This business is conducted by: A CORPORATION. Signed: SANDRA MEDINA.
This statement was filed with the County Clerk of Los Angeles County. NOTICE: In accordance with Subdivision (a) of Section 17920, a Fictitious Name Statement generally expires at the end of five (5) years from the date on which it was filed in the office of the County Clerk. A new Fictitious Business Name Statement must be filed prior to that date. The filing of this statement does not of itself authorize the use in this state of a Fictitious Business Name in violation of the rights of another under Federal, State, or common law (See section 14411 et seq. Business and Professions Code). Publish: Mountain Views News Dates Pub: Jan. 07, 14, 21, 28, 2017
STATEMENT OF ABANDONMENT OF USE OF FICTITIOUS BUSINESS NAME
FILE NO. 2016-284188
The following person(s) has (have) abandoned the use of the fictitious business name: INN AUTO RESTAURANT, 217 E. 64th ST., L.A., CA 90003. The fictitious business name referred to above was filed on 07/11/2016 in the County of Los Angeles. Registrant: GENERAL PARTNERSHIP. Signed: DELBANIO PEREZ.
STATEMENT OF ABANDONMENT OF USE OF FICTITIOUS BUSINESS NAME
FILE NO. 2016-311976
The following person(s) has (have) abandoned the use of the fictitious business name: MIHUBBUSINESS, MIHUHEALTHY FOOD MASSAGE, 31311 S BOBERSON, BEVERLY HILLS, CA 90211. The fictitious business name referred to above was filed on 09/06/2016. Registrant: AN INDIVIDUAL. Signed: HIGUEN ZHAO.
STATEMENT OF ABANDONMENT OF USE OF FICTITIOUS BUSINESS NAME
FILE NO. 2016-313543
The following person(s) has (have) abandoned the use of the fictitious business name: QUEEN NAILS BY ROSE, 1747 COLORADO BLVD., L.A., CA 90041. The fictitious business name referred to above was filed on 05/28/2013. Registrant: AN INDIVIDUAL. Signed: HANG THIEU.
FICTITIOUS BUSINESS NAME STATEMENT
File No. 2016305557
The following person(s) is (are) doing business as: RCR MOBILE DETAIL, 10339 ZELZAH AVE. #32, GRANADA HILLS, CA 91344. Full name of registrant(s) is (are) RAJA ALAWAR, 10339 ZELZAH AVE. #32, GRANADA HILLS, CA 91344. This business is conducted by: AN INDIVIDUAL. Signed: RAJA ALAWAR.
This statement was filed with the County Clerk of Los Angeles County. NOTICE: In accordance with Subdivision (a) of Section 17920, a Fictitious Name Statement generally expires at the end of five (5) years from the date on which it was filed in the office of the County Clerk. A new Fictitious Business Name Statement must be filed prior to that date. The filing of this statement does not of itself authorize the use in this state of a Fictitious Business Name in violation of the rights of another under Federal, State, or common law (See section 14411 et seq. Business and Professions Code). Publish: Mountain Views News Dates Pub: Jan. 07, 14, 21, 28, 2017
FICTITIOUS BUSINESS NAME STATEMENT
File No. 2016305012
The following person(s) is (are) doing business as: SMART AND SAFE ELECTRIC, 8411 AQUEDUCT AVE., NORTHRIDGE, CA 91343. Full name of registrant(s) is (are) ADAM WILSON, 8411 AQUEDUCT AVE., NORTHRIDGE, CA 91343. This business is conducted by: AN INDIVIDUAL. Signed: ADAM WILSON.
This statement was filed with the County Clerk of Los Angeles County. NOTICE: In accordance with Subdivision (a) of Section 17920, a Fictitious Name Statement generally expires at the end of five (5) years from the date on which it was filed in the office of the County Clerk. A new Fictitious Business Name Statement must be filed prior to that date. The filing of this statement does not of itself authorize the use in this state of a Fictitious Business Name in violation of the rights of another under Federal, State, or common law (See section 14411 et seq. Business and Professions Code). Publish: Mountain Views News Dates Pub: Jan. 07, 14, 21, 28, 2017
FICTITIOUS BUSINESS NAME STATEMENT
File No. 2016305744
The following person(s) is (are) doing business as: JBA TRUCKING, 12591 MINDOLAY, ARLETA, CA 91331. Full name of registrant(s) is (are) JOSE TRUCKING INC., 12591 MINDOLAY, ARLETA, CA 91331. This business is conducted by: A CORPORATION. Signed: JBA TRUCKING INC.
This statement was filed with the County Clerk of Los Angeles County. NOTICE: In accordance with Subdivision (a) of Section 17920, a Fictitious Name Statement generally expires at the end of five (5) years from the date on which it was filed in the office of the County Clerk. A new Fictitious Business Name Statement must be filed prior to that date. The filing of this statement does not of itself authorize the use in this state of a Fictitious Business Name in violation of the rights of another under Federal, State, or common law (See section 14411 et seq. Business and Professions Code). Publish: Mountain Views News Dates Pub: Jan. 07, 14, 21, 28, 2017
FICTITIOUS BUSINESS NAME STATEMENT
File No. 2016305318
The following person(s) is (are) doing business as: MAX'S BARBER AND SALON, 6929 KESTER AVE. #205, VAN NUYS, CA 91405. Full name of registrant(s) is (are) VILMA WILSON, 6929 KESTER AVE. #205, VAN NUYS, CA 91405. This business is conducted by: AN INDIVIDUAL. Signed: VILMA WILSON.
This statement was filed with the County Clerk of Los Angeles County. NOTICE: In accordance with Subdivision (a) of Section 17920, a Fictitious Name Statement generally expires at the end of five (5) years from the date on which it was filed in the office of the County Clerk. A new Fictitious Business Name Statement must be filed prior to that date. The filing of this statement does not of itself authorize the use in this state of a Fictitious Business Name in violation of the rights of another under Federal, State, or common law (See section 14411 et seq. Business and Professions Code). Publish: Mountain Views News Dates Pub: Jan. 07, 14, 21, 28, 2017
FICTITIOUS BUSINESS NAME STATEMENT
File No. 2016305978
The following person(s) is (are) doing business as: ADBZ PRODUCTION, 10907 MAGNOLIA BLVD. #104, NORTH HOLLYWOOD, CA 91601. Full name of registrant(s) is (are) ZAMIER DAVILA, 10907 MAGNOLIA BLVD. #104, NORTH HOLLYWOOD, CA 91601. This business is conducted by: AN INDIVIDUAL. Signed: ZAMIER DAVILA.
This statement was filed with the County Clerk of Los Angeles County. NOTICE: In accordance with Subdivision (a) of Section 17920, a Fictitious Name Statement generally expires at the end of five (5) years from the date on which it was filed in the office of the County Clerk. A new Fictitious Business Name Statement must be filed prior to that date. The filing of this statement does not of itself authorize the use in this state of a Fictitious Business Name in violation of the rights of another under Federal, State, or common law (See section 14411 et seq. Business and Professions Code). Publish: Mountain Views News Dates Pub: Jan. 07, 14, 21, 28, 2017
FICTITIOUS BUSINESS NAME STATEMENT
File No. 2016305434
The following person(s) is (are) doing business as: SUNSHINE CARPET, 15435 VANOWEN ST. #41, VAN NUYS, CA 91406. Full name of registrant(s) is (are) VANESSA MONTANES, 15435 VANOWEN ST. #41, VAN NUYS, CA 91406. This business is conducted by: A GENERAL PARTNERSHIP. Signed: DAVE LOUIS PEREZ.
This statement was filed with the County Clerk of Los Angeles County. NOTICE: In accordance with Subdivision (a) of Section 17920, a Fictitious Name Statement generally expires at the end of five (5) years from the date on which it was filed in the office of the County Clerk. A new Fictitious Business Name Statement must be filed prior to that date. The filing of this statement does not of itself authorize the use in this state of a Fictitious Business Name in violation of the rights of another under Federal, State, or common law (See section 14411 et seq. Business and Professions Code). Publish: Mountain Views News Dates Pub: Jan. 07, 14, 21, 28, 2017
FICTITIOUS BUSINESS NAME STATEMENT
File No. 2016305977
The following person(s) is (are) doing business as: 333 GIRLS PHOTOGRAPHY, 5016 WOODLEY AVENUE, ENCINO, CA 91436. Full name of registrant(s) is (are) MAGDALENA SWICKLY, 5016 WOODLEY AVENUE, ENCINO, CA 91436. This business is conducted by: AN INDIVIDUAL. Signed: MAGDALENA SWICKLY.
This statement was filed with the County Clerk of Los Angeles County. NOTICE: In accordance with Subdivision (a) of Section 17920, a Fictitious Name Statement generally expires at the end of five (5) years from the date on which it was filed in the office of the County Clerk. A new Fictitious Business Name Statement must be filed prior to that date. The filing of this statement does not of itself authorize the use in this state of a Fictitious Business Name in violation of the rights of another under Federal, State, or common law (See section 14411 et seq. Business and Professions Code). Publish: Mountain Views News Dates Pub: Jan. 07, 14, 21, 28, 2017
name of registrant(s) is (are) 533 GRAN LLC, 1585 MADRONO AVENUE, PALO ALTO, CA 94306. This business is conducted by: A GENERAL PARTNERSHIP. Signed: JAMES HOGAN.
FICTITIOUS BUSINESS NAME STATEMENT
File No. 2016300988
The following person(s) is (are) doing business as: CARS FOR THE STARS AUTO BROKER, 7530 DEERING AVE., CANOGA PARK, CA 91303. Full name of registrant(s) is (are) JUSTIN GROVES, 5565 CANOGA AVE., WOODLAND HILLS, CA 91367. This business is conducted by: A GENERAL PARTNERSHIP. Signed: JUSTIN GROVES.
This statement was filed with the County Clerk of Los Angeles County. NOTICE: In accordance with Subdivision (a) of Section 17920, a Fictitious Name Statement generally expires at the end of five (5) years from the date on which it was filed in the office of the County Clerk. A new Fictitious Business Name Statement must be filed prior to that date. The filing of this statement does not of itself authorize the use in this state of a Fictitious Business Name in violation of the rights of another under Federal, State, or common law (See section 14411 et seq. Business and Professions Code). Publish: Mountain Views News Dates Pub: Jan. 07, 14, 21, 28, 2017
FICTITIOUS BUSINESS NAME STATEMENT
File No. 2016306565
The following person(s) is (are) doing business as: ELECTRIC BIKE, 10965 GLENOAKS BLVD. SPACE 39, PACOIMA, CA 91331. Full name of registrant(s) is (are) NESTOR VELASQUEZ, 10965 GLENOAKS BLVD. SPACE 39, PACOIMA, CA 91331. This business is conducted by: AN INDIVIDUAL. Signed: NESTOR VELASQUEZ.
This statement was filed with the County Clerk of Los Angeles County. NOTICE: In accordance with Subdivision (a) of Section 17920, a Fictitious Name Statement generally expires at the end of five (5) years from the date on which it was filed in the office of the County Clerk. A new Fictitious Business Name Statement must be filed prior to that date. The filing of this statement does not of itself authorize the use in this state of a Fictitious Business Name in violation of the rights of another under Federal, State, or common law (See section 14411 et seq. Business and Professions Code). Publish: Mountain Views News Dates Pub: Jan. 07, 14, 21, 28, 2017
FICTITIOUS BUSINESS NAME STATEMENT
File No. 2016306418
The following person(s) is (are) doing business as: TWENTY FOUR KARAT ART, 17909 MAYERLING ST., GRANADA HILLS, CA 91344. Full name of registrant(s) is (are) CHRISTOPHER LONGMAN, 17909 MAYERLING ST., GRANADA HILLS, CA 91344. This business is conducted by: AN INDIVIDUAL. Signed: CHRISTOPHER LONGMAN.
This statement was filed with the County Clerk of Los Angeles County. NOTICE: In accordance with Subdivision (a) of Section 17920, a Fictitious Name Statement generally expires at the end of five (5) years from the date on which it was filed in the office of the County Clerk. A new Fictitious Business Name Statement must be filed prior to that date. The filing of this statement does not of itself authorize the use in this state of a Fictitious Business Name in violation of the rights of another under Federal, State, or common law (See section 14411 et seq. Business and Professions Code). Publish: Mountain Views News Dates Pub: Jan. 07, 14, 21, 28, 2017
FICTITIOUS BUSINESS NAME STATEMENT
File No. 2016306251
The following person(s) is (are) doing business as: SAMANTHA'S PET CARE, 28160A SLOAN CANYON RD. #14, CASTAIC, CA 91384. Full name of registrant(s) is (are) SAMANTHA SUAREZ, 28160A SLOAN CANYON RD. #14, CASTAIC, CA 91384. This business is conducted by: AN INDIVIDUAL. Signed: SAMANTHA SUAREZ.
This statement was filed with the County Clerk of Los Angeles County. NOTICE: In accordance with Subdivision (a) of Section 17920, a Fictitious Name Statement generally expires at the end of five (5) years from the date on which it was filed in the office of the County Clerk. A new Fictitious Business Name Statement must be filed prior to that date. The filing of this statement does not of itself authorize the use in this state of a Fictitious Business Name in violation of the rights of another under Federal, State, or common law (See section 14411 et seq. Business and Professions Code). Publish: Mountain Views News Dates Pub: Jan. 07, 14, 21, 28, 2017
FICTITIOUS BUSINESS NAME STATEMENT
File No. 2016306237
The following person(s) is (are) doing business as: ROYAL FASHION & CARE, 10867 MC CORMICK ST. #309, NORTH HOLLYWOOD, CA 91601. Full name of registrant(s) is (are) MAMIE CORNELIUS, 10867 MC CORMICK ST. #309, NORTH HOLLYWOOD, CA 91601. This business is conducted by: AN INDIVIDUAL. Signed: MAMIE CORNELIUS.
This statement was filed with the County Clerk of Los Angeles County. NOTICE: In accordance with Subdivision (a) of Section 17920, a Fictitious Name Statement generally expires at the end of five (5) years from the date on which it was filed in the office of the County Clerk. A new Fictitious Business Name Statement must be filed prior to that date. The filing of this statement does not of itself authorize the use in this state of a Fictitious Business Name in violation of the rights of another under Federal, State, or common law (See section 14411 et seq. Business and Professions Code). Publish: Mountain Views News Dates Pub: Jan. 07, 14, 21, 28, 2017
FICTITIOUS BUSINESS NAME STATEMENT
File No. 2016306016
The following person(s) is (are) doing business as: THE FREDIC, 12918 MERIDA ST., GRANADA HILLS, CA 91344. Full name of registrant(s) is (are) ALTUR KABADORE, 12573 MINDEL DR., GRANADA HILLS, CA 91344. This business is conducted by: AN INDIVIDUAL. Signed: ALTUR KABADORE.
This statement was filed with the County Clerk of Los Angeles County. NOTICE: In accordance with Subdivision (a) of Section 17920, a Fictitious Name Statement generally expires at the end of five (5) years from the date on which it was filed in the office of the County Clerk. A new Fictitious Business Name Statement must be filed prior to that date. The filing of this statement does not of itself authorize the use in this state of a Fictitious Business Name in violation of the rights of another under Federal, State, or common law (See section 14411 et seq. Business and Professions Code). Publish: Mountain Views News Dates Pub: Jan. 07, 14, 21, 28, 2017
FICTITIOUS BUSINESS NAME STATEMENT
File No. 2016305964
The following person(s) is (are) doing business as: FROM STAMP AT THE TOP, DELIVERY ON DEMAND, 19334 VICTORY BLVD. RESEDA, CA 91335. Full name of registrant(s) is (are) JUAN FRANK ZUNIGA, 19334 VICTORY BLVD., RESEDA, CA 91335. This business is conducted by: AN INDIVIDUAL. Signed: JUAN FRANK ZUNIGA.
This statement was filed with the County Clerk of Los Angeles County. NOTICE: In accordance with Subdivision (a) of Section 17920, a Fictitious Name Statement generally expires at the end of five (5) years from the date on which it was filed in the office of the County Clerk. A new Fictitious Business Name Statement must be filed prior to that date. The filing of this statement does not of itself authorize the use in this state of a Fictitious Business Name in violation of the rights of another under Federal, State, or common law (See section 14411 et seq. Business and Professions Code). Publish: Mountain Views News Dates Pub: Jan. 07, 14, 21, 28, 2017
FICTITIOUS BUSINESS NAME STATEMENT
File No. 2016306649
The following person(s) is (are) doing business as: EASY DRY CLEANING, 10119 DE SOTO AVE. UNIT 204, CHATSWORTH, CA 91311. Full name of registrant(s) is (are) EASY DRY CLEANING, 10119 DE SOTO AVE. UNIT 204, CHATSWORTH, CALIF. 91311. This business is conducted by: AN INDIVIDUAL. Signed: NOE SIERRA.
This statement was filed with the County Clerk of Los Angeles County. NOTICE: In accordance with Subdivision (a) of Section 17920, a Fictitious Name Statement generally expires at the end of five (5) years from the date on which it was filed in the office of the County Clerk. A new Fictitious Business Name Statement must be filed prior to that date. The filing of this statement does not of itself authorize the use in this state of a Fictitious Business Name in violation of the rights of another under Federal, State, or common law (See section 14411 et seq. Business and Professions Code). Publish: Mountain Views News Dates Pub: Jan. 07, 14, 21, 28, 2017
FICTITIOUS BUSINESS NAME STATEMENT
File No. 2016307486
The following person(s) is (are) doing business as: THE SOCIAL NEAL, 417 18TH STREET APT 1, SANTA MONICA, CA 90402. Full name of registrant(s) is (are) JOSE EDUARDO TRUCIOS, 417 18TH STREET APT 1, SANTA MONICA, CA 90402. This business is conducted by: AN INDIVIDUAL. Signed: JOSE EDUARDO TRUCIOS.
This statement was filed with the County Clerk of Los Angeles County. NOTICE: In accordance with Subdivision (a) of Section 17920, a Fictitious Name Statement generally expires at the end of five (5) years from the date on which it was filed in the office of the County Clerk. A new Fictitious Business Name Statement must be filed prior to that date. The filing of this statement does not of itself authorize the use in this state of a Fictitious Business Name in violation of the rights of another under Federal, State, or common law (See section 14411 et seq. Business and Professions Code). Publish: Mountain Views News Dates Pub: Jan. 07, 14, 21, 28, 2017
Mountain Views News 80 W Sierra Madre Blvd. No. 327 Sierra Madre, Ca. 91024 Office: 626.355.2737 Fax: 626.609.3285	Email: editor@mtnviewsnews.com Website: www.mtnviewsnews.com
